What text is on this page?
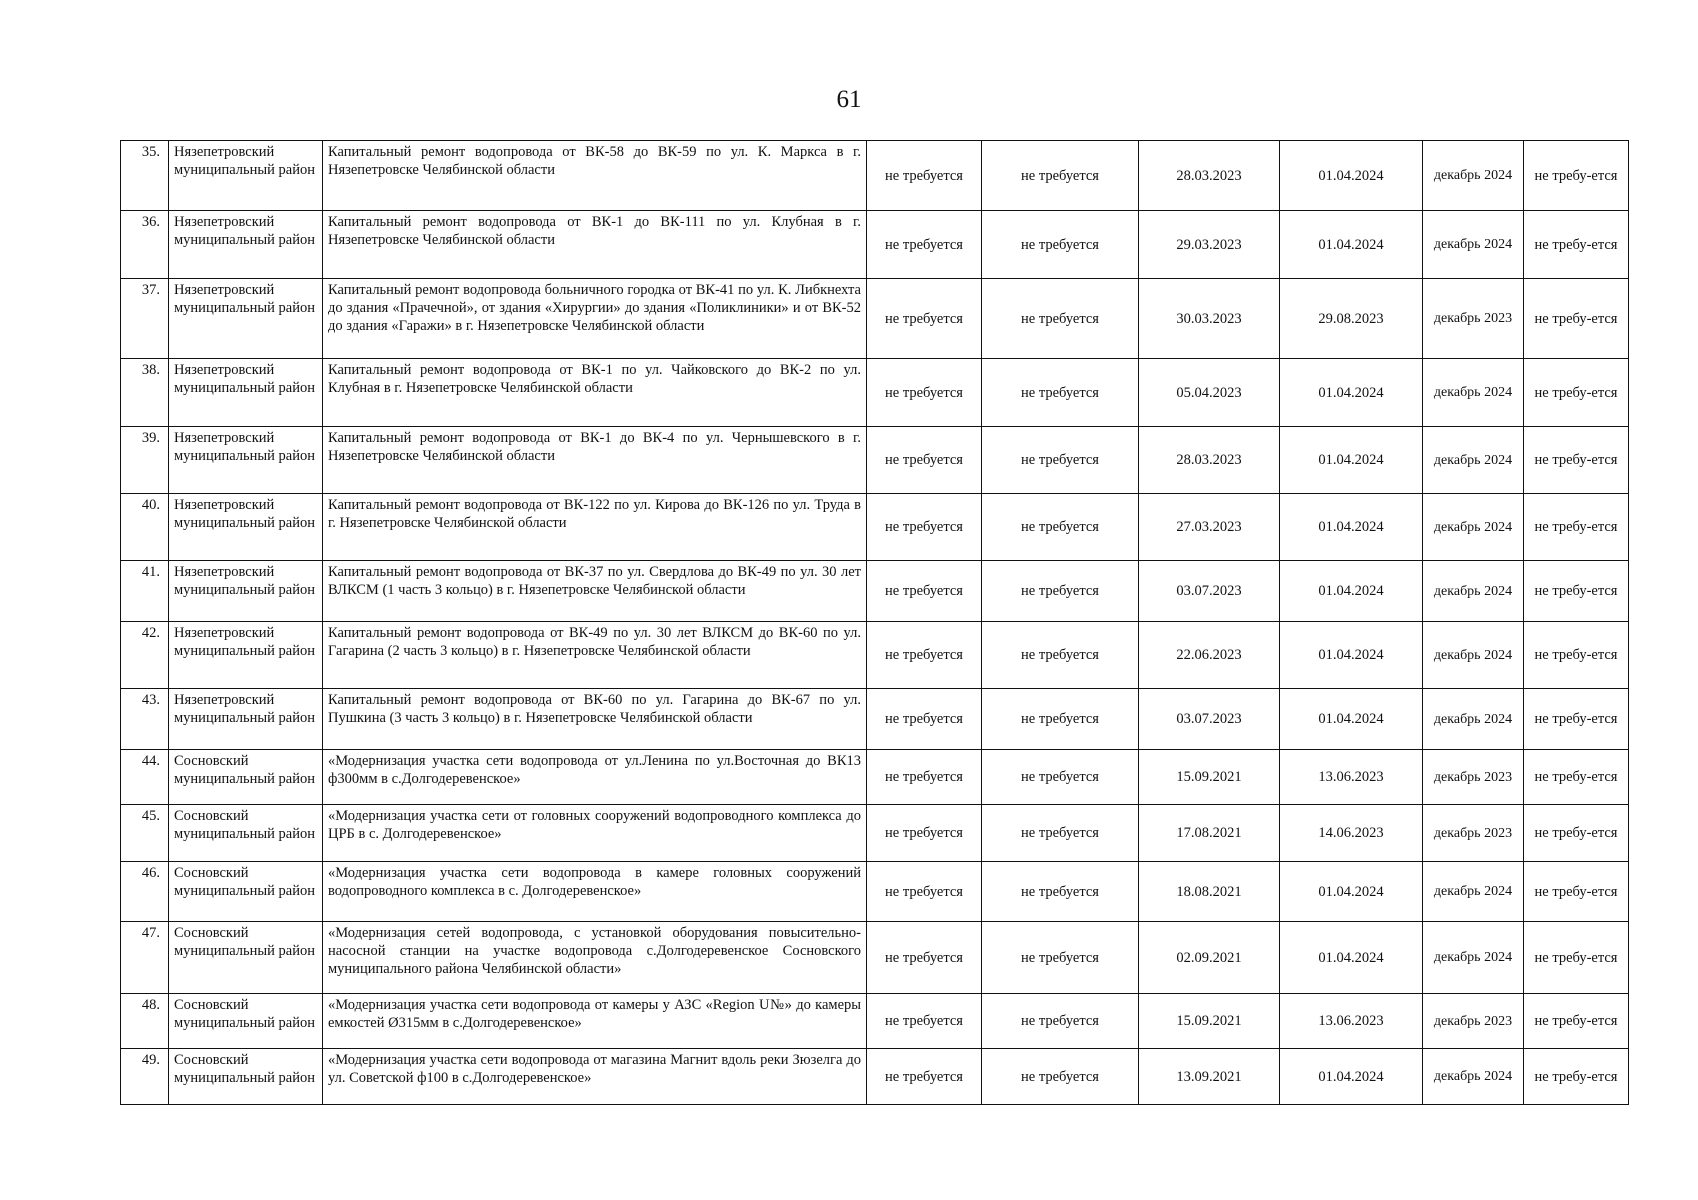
61
35.	Нязепетровский муниципальный район	Капитальный ремонт водопровода от ВК-58 до ВК-59 по ул. К. Маркса в г. Нязепетровске Челябинской области	не требуется	не требуется	28.03.2023	01.04.2024	декабрь 2024	не требу-ется
36.	Нязепетровский муниципальный район	Капитальный ремонт водопровода от ВК-1 до ВК-111 по ул. Клубная в г. Нязепетровске Челябинской области	не требуется	не требуется	29.03.2023	01.04.2024	декабрь 2024	не требу-ется
37.	Нязепетровский муниципальный район	Капитальный ремонт водопровода больничного городка от ВК-41 по ул. К. Либкнехта до здания «Прачечной», от здания «Хирургии» до здания «Поликлиники» и от ВК-52 до здания «Гаражи» в г. Нязепетровске Челябинской области	не требуется	не требуется	30.03.2023	29.08.2023	декабрь 2023	не требу-ется
38.	Нязепетровский муниципальный район	Капитальный ремонт водопровода от ВК-1 по ул. Чайковского до ВК-2 по ул. Клубная в г. Нязепетровске Челябинской области	не требуется	не требуется	05.04.2023	01.04.2024	декабрь 2024	не требу-ется
39.	Нязепетровский муниципальный район	Капитальный ремонт водопровода от ВК-1 до ВК-4 по ул. Чернышевского в г. Нязепетровске Челябинской области	не требуется	не требуется	28.03.2023	01.04.2024	декабрь 2024	не требу-ется
40.	Нязепетровский муниципальный район	Капитальный ремонт водопровода от ВК-122 по ул. Кирова до ВК-126 по ул. Труда в г. Нязепетровске Челябинской области	не требуется	не требуется	27.03.2023	01.04.2024	декабрь 2024	не требу-ется
41.	Нязепетровский муниципальный район	Капитальный ремонт водопровода от ВК-37 по ул. Свердлова до ВК-49 по ул. 30 лет ВЛКСМ (1 часть 3 кольцо) в г. Нязепетровске Челябинской области	не требуется	не требуется	03.07.2023	01.04.2024	декабрь 2024	не требу-ется
42.	Нязепетровский муниципальный район	Капитальный ремонт водопровода от ВК-49 по ул. 30 лет ВЛКСМ до ВК-60 по ул. Гагарина (2 часть 3 кольцо) в г. Нязепетровске Челябинской области	не требуется	не требуется	22.06.2023	01.04.2024	декабрь 2024	не требу-ется
43.	Нязепетровский муниципальный район	Капитальный ремонт водопровода от ВК-60 по ул. Гагарина до ВК-67 по ул. Пушкина (3 часть 3 кольцо) в г. Нязепетровске Челябинской области	не требуется	не требуется	03.07.2023	01.04.2024	декабрь 2024	не требу-ется
44.	Сосновский муниципальный район	«Модернизация участка сети водопровода от ул.Ленина по ул.Восточная до ВК13 ф300мм в с.Долгодеревенское»	не требуется	не требуется	15.09.2021	13.06.2023	декабрь 2023	не требу-ется
45.	Сосновский муниципальный район	«Модернизация участка сети от головных сооружений водопроводного комплекса до ЦРБ в с. Долгодеревенское»	не требуется	не требуется	17.08.2021	14.06.2023	декабрь 2023	не требу-ется
46.	Сосновский муниципальный район	«Модернизация участка сети водопровода в камере головных сооружений водопроводного комплекса в с. Долгодеревенское»	не требуется	не требуется	18.08.2021	01.04.2024	декабрь 2024	не требу-ется
47.	Сосновский муниципальный район	«Модернизация сетей водопровода, с установкой оборудования повысительно-насосной станции на участке водопровода с.Долгодеревенское Сосновского муниципального района Челябинской области»	не требуется	не требуется	02.09.2021	01.04.2024	декабрь 2024	не требу-ется
48.	Сосновский муниципальный район	«Модернизация участка сети водопровода от камеры у АЗС «Region U№» до камеры емкостей Ø315мм в с.Долгодеревенское»	не требуется	не требуется	15.09.2021	13.06.2023	декабрь 2023	не требу-ется
49.	Сосновский муниципальный район	«Модернизация участка сети водопровода от магазина Магнит вдоль реки Зюзелга до ул. Советской ф100 в с.Долгодеревенское»	не требуется	не требуется	13.09.2021	01.04.2024	декабрь 2024	не требу-ется
